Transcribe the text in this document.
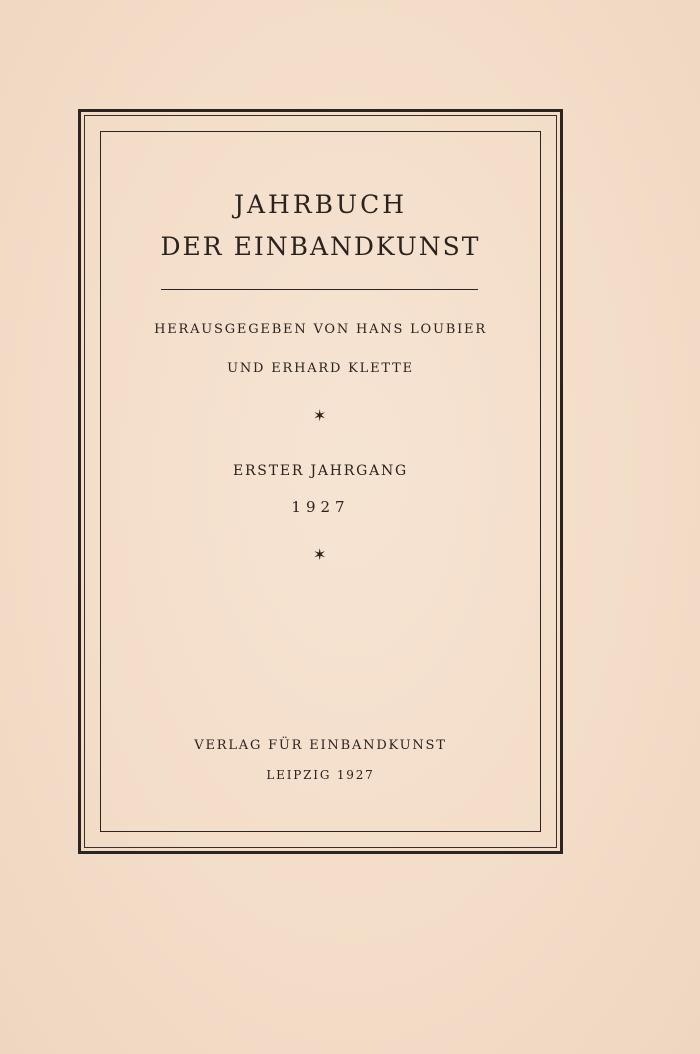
JAHRBUCH
DER EINBANDKUNST
HERAUSGEGEBEN VON HANS LOUBIER
UND ERHARD KLETTE
✶
ERSTER JAHRGANG
1927
✶
VERLAG FÜR EINBANDKUNST
LEIPZIG 1927
